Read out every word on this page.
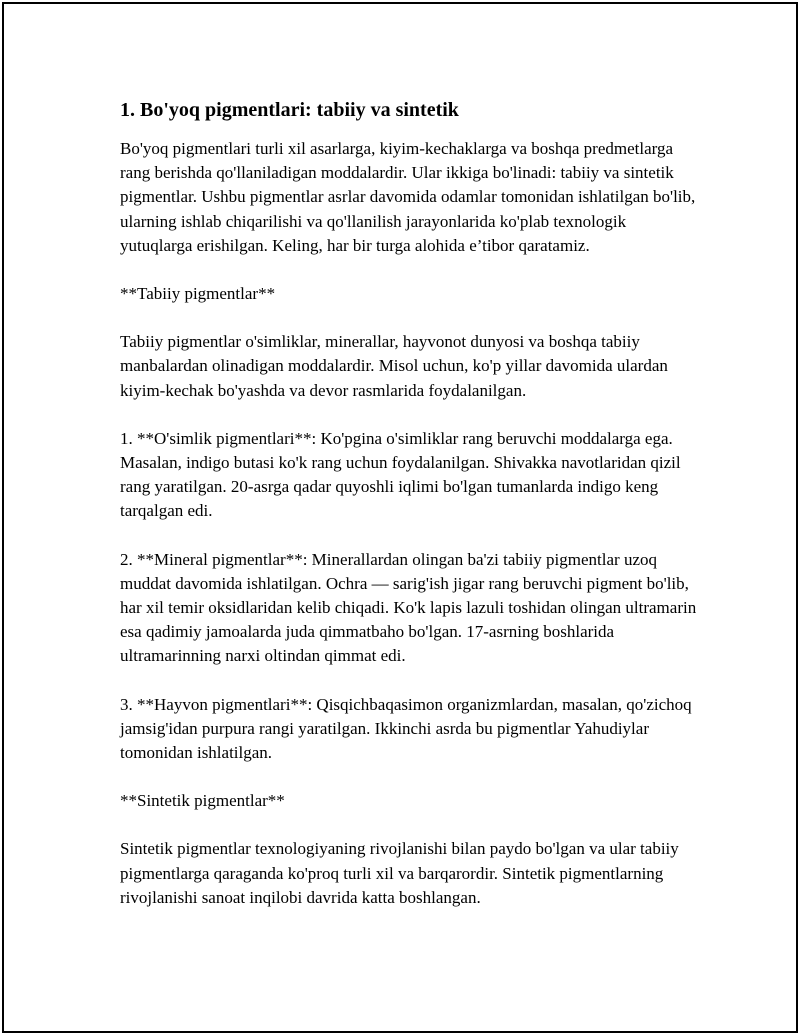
1. Bo'yoq pigmentlari: tabiiy va sintetik

Bo'yoq pigmentlari turli xil asarlarga, kiyim-kechaklarga va boshqa predmetlarga rang berishda qo'llaniladigan moddalardir. Ular ikkiga bo'linadi: tabiiy va sintetik pigmentlar. Ushbu pigmentlar asrlar davomida odamlar tomonidan ishlatilgan bo'lib, ularning ishlab chiqarilishi va qo'llanilish jarayonlarida ko'plab texnologik yutuqlarga erishilgan. Keling, har bir turga alohida e’tibor qaratamiz.

**Tabiiy pigmentlar**

Tabiiy pigmentlar o'simliklar, minerallar, hayvonot dunyosi va boshqa tabiiy manbalardan olinadigan moddalardir. Misol uchun, ko'p yillar davomida ulardan kiyim-kechak bo'yashda va devor rasmlarida foydalanilgan.

1. **O'simlik pigmentlari**: Ko'pgina o'simliklar rang beruvchi moddalarga ega. Masalan, indigo butasi ko'k rang uchun foydalanilgan. Shivakka navotlaridan qizil rang yaratilgan. 20-asrga qadar quyoshli iqlimi bo'lgan tumanlarda indigo keng tarqalgan edi.

2. **Mineral pigmentlar**: Minerallardan olingan ba'zi tabiiy pigmentlar uzoq muddat davomida ishlatilgan. Ochra — sarig'ish jigar rang beruvchi pigment bo'lib, har xil temir oksidlaridan kelib chiqadi. Ko'k lapis lazuli toshidan olingan ultramarin esa qadimiy jamoalarda juda qimmatbaho bo'lgan. 17-asrning boshlarida ultramarinning narxi oltindan qimmat edi.

3. **Hayvon pigmentlari**: Qisqichbaqasimon organizmlardan, masalan, qo'zichoq jamsig'idan purpura rangi yaratilgan. Ikkinchi asrda bu pigmentlar Yahudiylar tomonidan ishlatilgan.

**Sintetik pigmentlar**

Sintetik pigmentlar texnologiyaning rivojlanishi bilan paydo bo'lgan va ular tabiiy pigmentlarga qaraganda ko'proq turli xil va barqarordir. Sintetik pigmentlarning rivojlanishi sanoat inqilobi davrida katta boshlangan.
